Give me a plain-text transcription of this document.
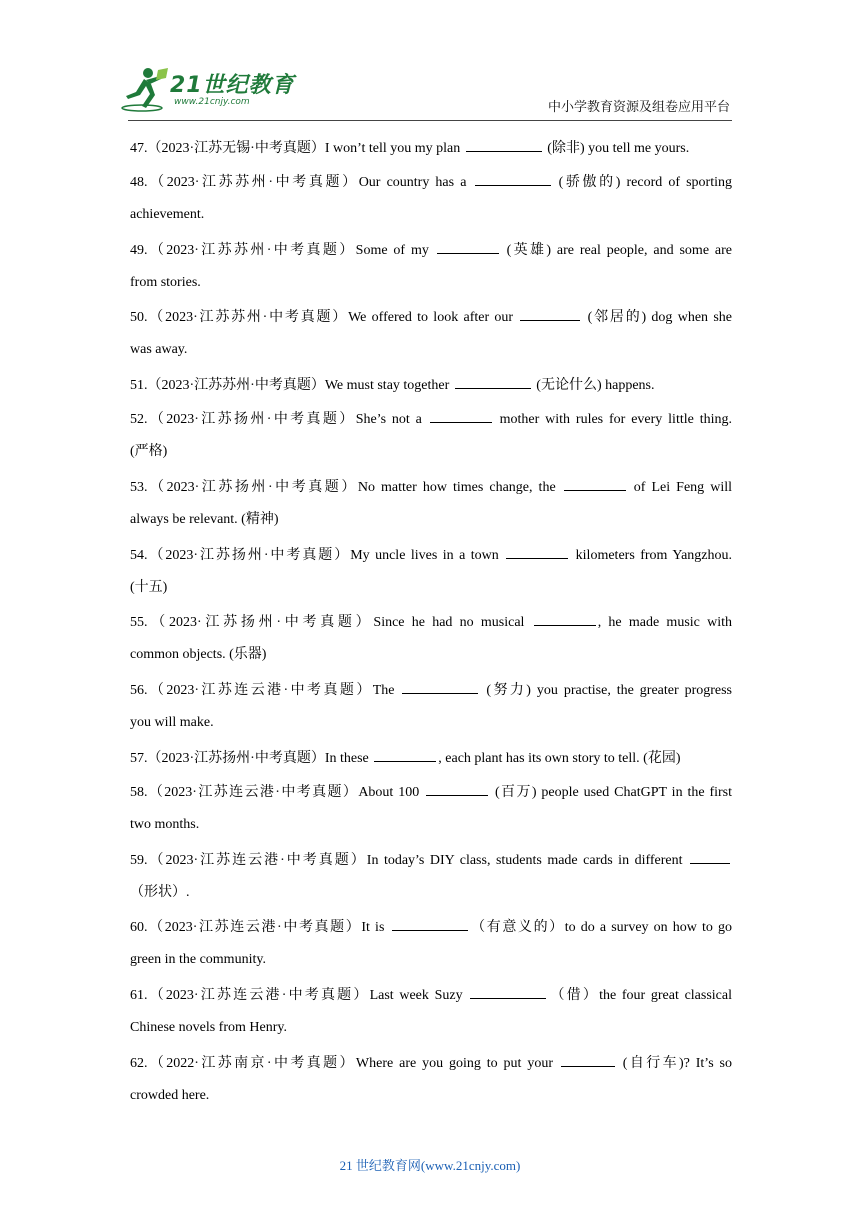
21世纪教育
www.21cnjy.com	中小学教育资源及组卷应用平台
47.（2023·江苏无锡·中考真题）I won’t tell you my plan	(除非) you tell me yours.
48.（2023·江苏苏州·中考真题）Our country has a	(骄傲的) record of sporting
achievement.
49.（2023·江苏苏州·中考真题）Some of my	(英雄) are real people, and some are
from stories.
50.（2023·江苏苏州·中考真题）We offered to look after our	(邻居的) dog when she
was away.
51.（2023·江苏苏州·中考真题）We must stay together	(无论什么) happens.
52.（2023·江苏扬州·中考真题）She’s not a	mother with rules for every little thing.
(严格)
53.（2023·江苏扬州·中考真题）No matter how times change, the	of Lei Feng will
always be relevant. (精神)
54.（2023·江苏扬州·中考真题）My uncle lives in a town	kilometers from Yangzhou.
(十五)
55.（2023·江苏扬州·中考真题）Since he had no musical	, he made music with
common objects. (乐器)
56.（2023·江苏连云港·中考真题）The	(努力) you practise, the greater progress
you will make.
57.（2023·江苏扬州·中考真题）In these	, each plant has its own story to tell. (花园)
58.（2023·江苏连云港·中考真题）About 100	(百万) people used ChatGPT in the first
two months.
59.（2023·江苏连云港·中考真题）In today’s DIY class, students made cards in different
（形状）.
60.（2023·江苏连云港·中考真题）It is	（有意义的）to do a survey on how to go
green in the community.
61.（2023·江苏连云港·中考真题）Last week Suzy	（借）the four great classical
Chinese novels from Henry.
62.（2022·江苏南京·中考真题）Where are you going to put your	(自行车)? It’s so
crowded here.
21 世纪教育网(www.21cnjy.com)
